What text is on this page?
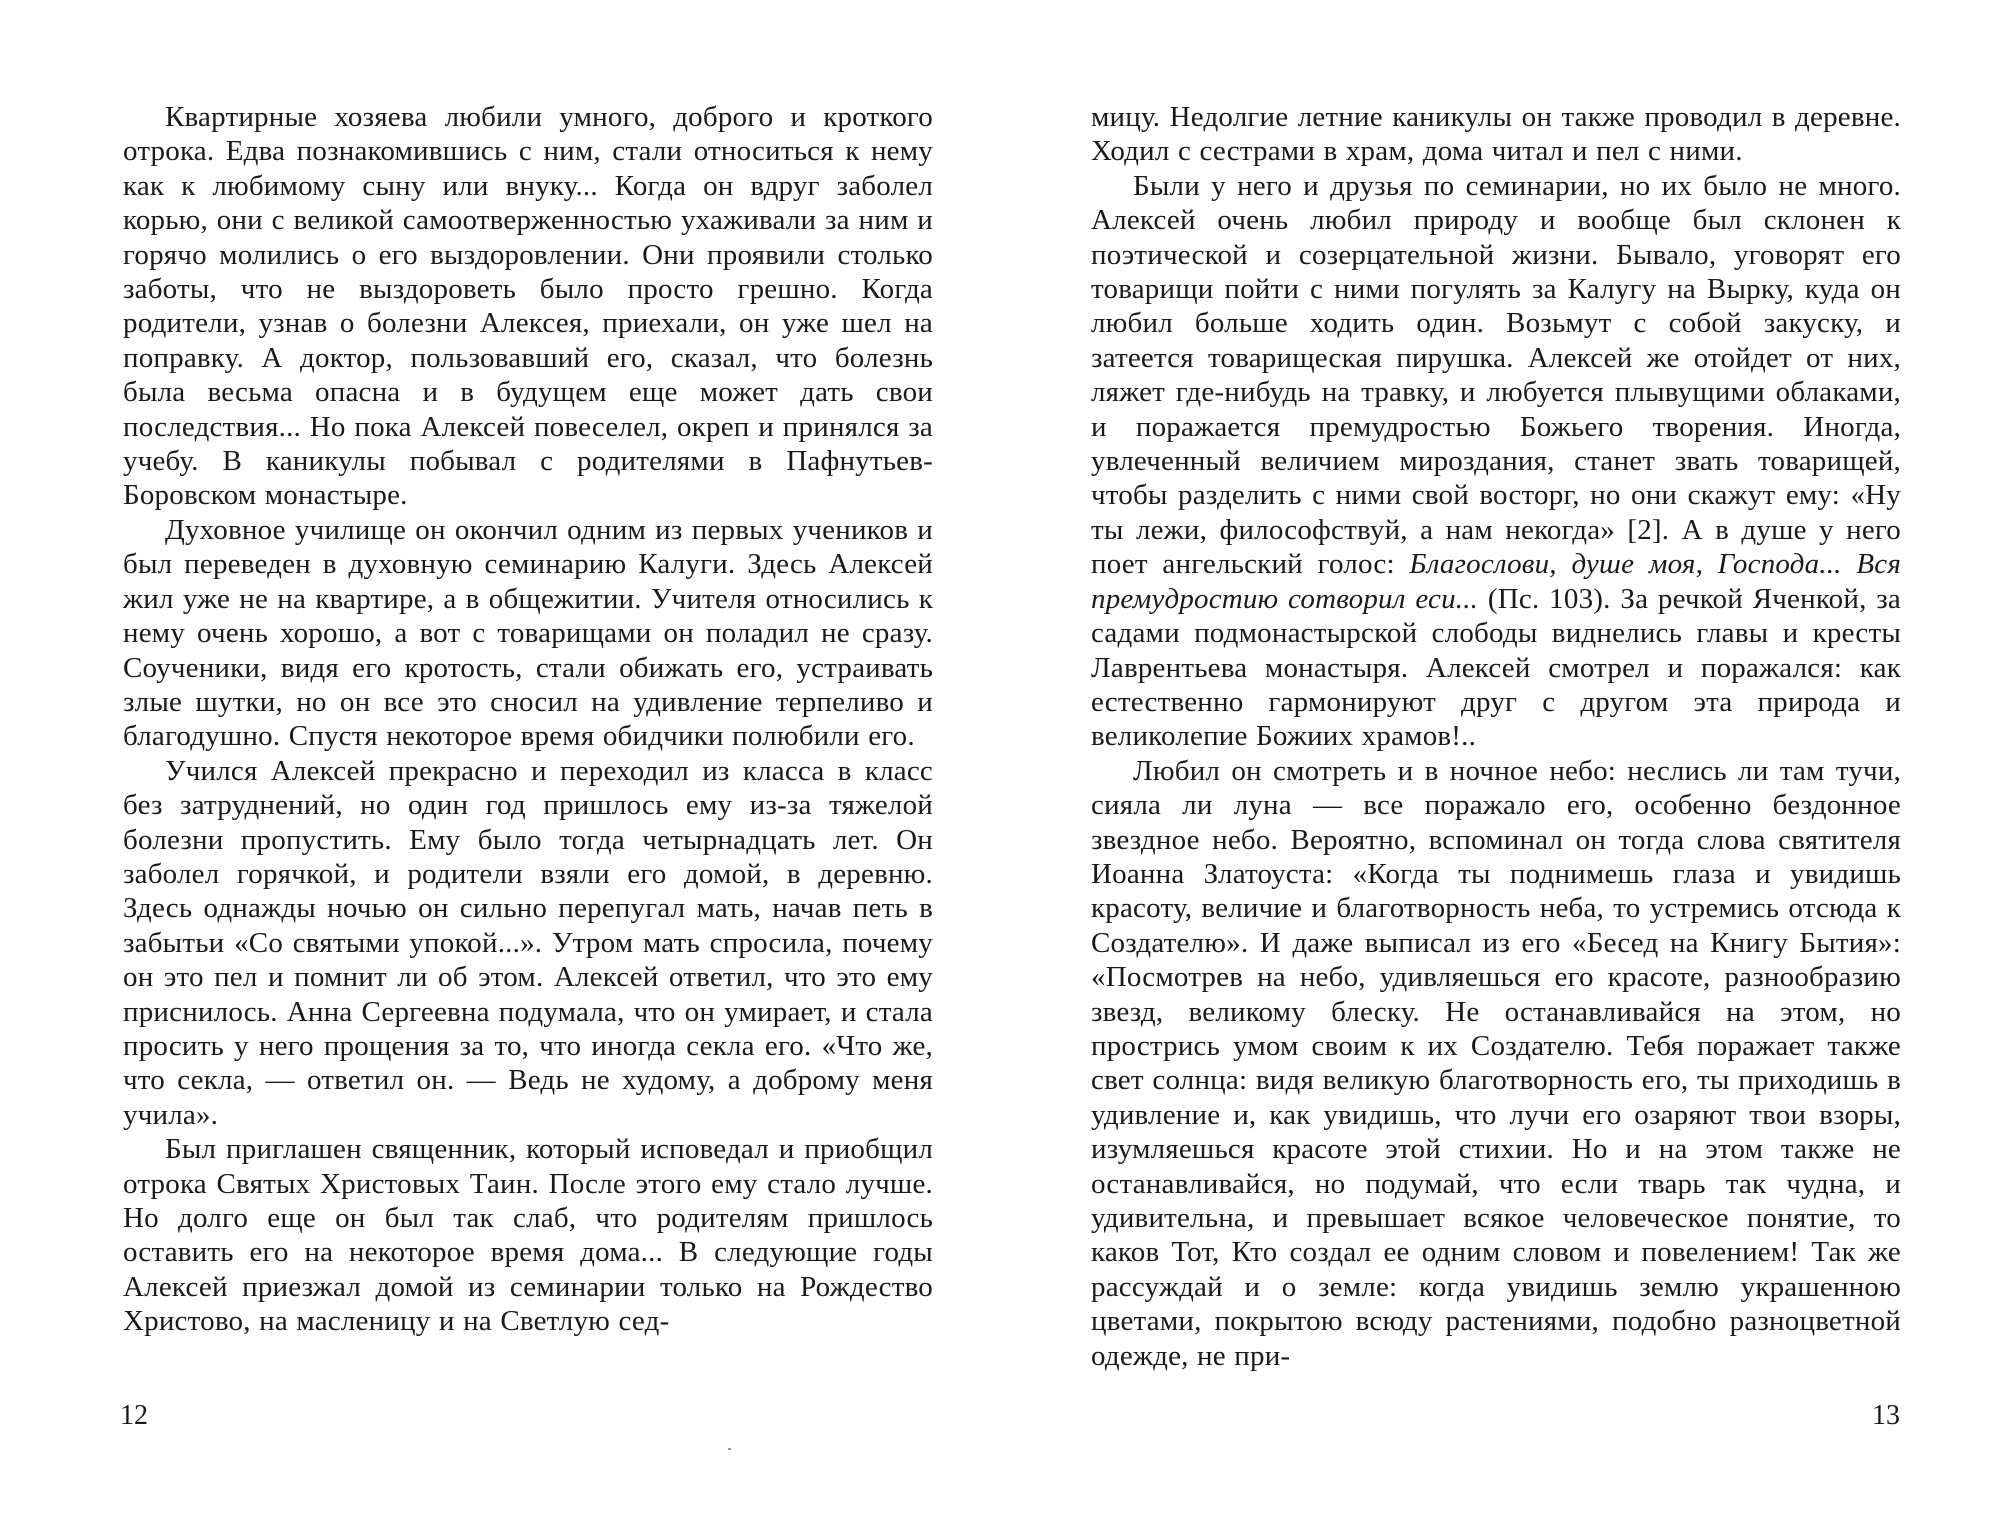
Квартирные хозяева любили умного, доброго и кроткого отрока. Едва познакомившись с ним, стали относиться к нему как к любимому сыну или внуку... Когда он вдруг заболел корью, они с великой самоотверженностью ухаживали за ним и горячо молились о его выздоровлении. Они проявили столько заботы, что не выздороветь было просто грешно. Когда родители, узнав о болезни Алексея, приехали, он уже шел на поправку. А доктор, пользовавший его, сказал, что болезнь была весьма опасна и в будущем еще может дать свои последствия... Но пока Алексей повеселел, окреп и принялся за учебу. В каникулы побывал с родителями в Пафнутьев-Боровском монастыре.

Духовное училище он окончил одним из первых учеников и был переведен в духовную семинарию Калуги. Здесь Алексей жил уже не на квартире, а в общежитии. Учителя относились к нему очень хорошо, а вот с товарищами он поладил не сразу. Соученики, видя его кротость, стали обижать его, устраивать злые шутки, но он все это сносил на удивление терпеливо и благодушно. Спустя некоторое время обидчики полюбили его.

Учился Алексей прекрасно и переходил из класса в класс без затруднений, но один год пришлось ему из-за тяжелой болезни пропустить. Ему было тогда четырнадцать лет. Он заболел горячкой, и родители взяли его домой, в деревню. Здесь однажды ночью он сильно перепугал мать, начав петь в забытьи «Со святыми упокой...». Утром мать спросила, почему он это пел и помнит ли об этом. Алексей ответил, что это ему приснилось. Анна Сергеевна подумала, что он умирает, и стала просить у него прощения за то, что иногда секла его. «Что же, что секла, — ответил он. — Ведь не худому, а доброму меня учила».

Был приглашен священник, который исповедал и приобщил отрока Святых Христовых Таин. После этого ему стало лучше. Но долго еще он был так слаб, что родителям пришлось оставить его на некоторое время дома... В следующие годы Алексей приезжал домой из семинарии только на Рождество Христово, на масленицу и на Светлую сед-

мицу. Недолгие летние каникулы он также проводил в деревне. Ходил с сестрами в храм, дома читал и пел с ними.

Были у него и друзья по семинарии, но их было не много. Алексей очень любил природу и вообще был склонен к поэтической и созерцательной жизни. Бывало, уговорят его товарищи пойти с ними погулять за Калугу на Вырку, куда он любил больше ходить один. Возьмут с собой закуску, и затеется товарищеская пирушка. Алексей же отойдет от них, ляжет где-нибудь на травку, и любуется плывущими облаками, и поражается премудростью Божьего творения. Иногда, увлеченный величием мироздания, станет звать товарищей, чтобы разделить с ними свой восторг, но они скажут ему: «Ну ты лежи, философствуй, а нам некогда» [2]. А в душе у него поет ангельский голос: Благослови, душе моя, Господа... Вся премудростию сотворил еси... (Пс. 103). За речкой Яченкой, за садами подмонастырской слободы виднелись главы и кресты Лаврентьева монастыря. Алексей смотрел и поражался: как естественно гармонируют друг с другом эта природа и великолепие Божиих храмов!..

Любил он смотреть и в ночное небо: неслись ли там тучи, сияла ли луна — все поражало его, особенно бездонное звездное небо. Вероятно, вспоминал он тогда слова святителя Иоанна Златоуста: «Когда ты поднимешь глаза и увидишь красоту, величие и благотворность неба, то устремись отсюда к Создателю». И даже выписал из его «Бесед на Книгу Бытия»: «Посмотрев на небо, удивляешься его красоте, разнообразию звезд, великому блеску. Не останавливайся на этом, но прострись умом своим к их Создателю. Тебя поражает также свет солнца: видя великую благотворность его, ты приходишь в удивление и, как увидишь, что лучи его озаряют твои взоры, изумляешься красоте этой стихии. Но и на этом также не останавливайся, но подумай, что если тварь так чудна, и удивительна, и превышает всякое человеческое понятие, то каков Тот, Кто создал ее одним словом и повелением! Так же рассуждай и о земле: когда увидишь землю украшенною цветами, покрытою всюду растениями, подобно разноцветной одежде, не при-

12	13
